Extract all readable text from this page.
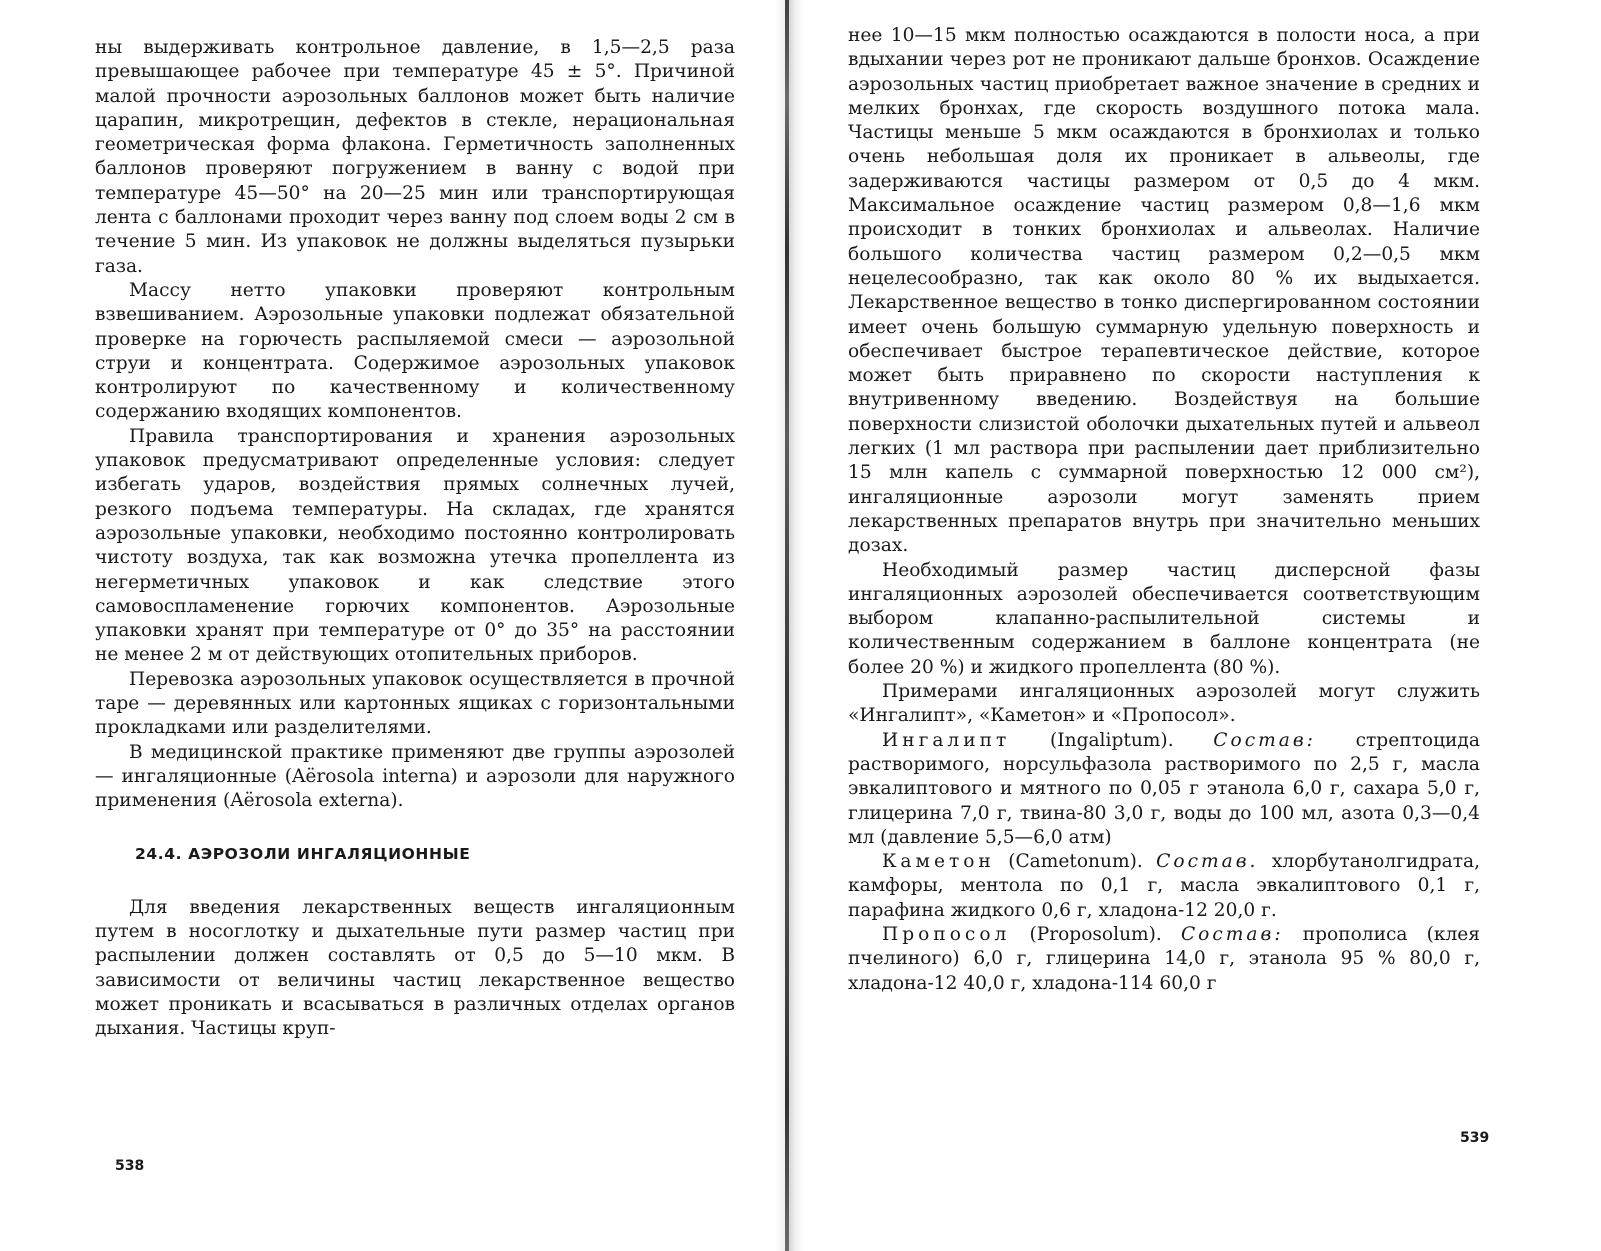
ны выдерживать контрольное давление, в 1,5—2,5 раза превышающее рабочее при температуре 45 ± 5°. Причиной малой прочности аэрозольных баллонов может быть наличие царапин, микротрещин, дефектов в стекле, нерациональная геометрическая форма флакона. Герметичность заполненных баллонов проверяют погружением в ванну с водой при температуре 45—50° на 20—25 мин или транспортирующая лента с баллонами проходит через ванну под слоем воды 2 см в течение 5 мин. Из упаковок не должны выделяться пузырьки газа.

Массу нетто упаковки проверяют контрольным взвешиванием. Аэрозольные упаковки подлежат обязательной проверке на горючесть распыляемой смеси — аэрозольной струи и концентрата. Содержимое аэрозольных упаковок контролируют по качественному и количественному содержанию входящих компонентов.

Правила транспортирования и хранения аэрозольных упаковок предусматривают определенные условия: следует избегать ударов, воздействия прямых солнечных лучей, резкого подъема температуры. На складах, где хранятся аэрозольные упаковки, необходимо постоянно контролировать чистоту воздуха, так как возможна утечка пропеллента из негерметичных упаковок и как следствие этого самовоспламенение горючих компонентов. Аэрозольные упаковки хранят при температуре от 0° до 35° на расстоянии не менее 2 м от действующих отопительных приборов.

Перевозка аэрозольных упаковок осуществляется в прочной таре — деревянных или картонных ящиках с горизонтальными прокладками или разделителями.

В медицинской практике применяют две группы аэрозолей — ингаляционные (Aërosola interna) и аэрозоли для наружного применения (Aërosola externa).

24.4. АЭРОЗОЛИ ИНГАЛЯЦИОННЫЕ

Для введения лекарственных веществ ингаляционным путем в носоглотку и дыхательные пути размер частиц при распылении должен составлять от 0,5 до 5—10 мкм. В зависимости от величины частиц лекарственное вещество может проникать и всасываться в различных отделах органов дыхания. Частицы круп-

538

нее 10—15 мкм полностью осаждаются в полости носа, а при вдыхании через рот не проникают дальше бронхов. Осаждение аэрозольных частиц приобретает важное значение в средних и мелких бронхах, где скорость воздушного потока мала. Частицы меньше 5 мкм осаждаются в бронхиолах и только очень небольшая доля их проникает в альвеолы, где задерживаются частицы размером от 0,5 до 4 мкм. Максимальное осаждение частиц размером 0,8—1,6 мкм происходит в тонких бронхиолах и альвеолах. Наличие большого количества частиц размером 0,2—0,5 мкм нецелесообразно, так как около 80 % их выдыхается. Лекарственное вещество в тонко диспергированном состоянии имеет очень большую суммарную удельную поверхность и обеспечивает быстрое терапевтическое действие, которое может быть приравнено по скорости наступления к внутривенному введению. Воздействуя на большие поверхности слизистой оболочки дыхательных путей и альвеол легких (1 мл раствора при распылении дает приблизительно 15 млн капель с суммарной поверхностью 12 000 см²), ингаляционные аэрозоли могут заменять прием лекарственных препаратов внутрь при значительно меньших дозах.

Необходимый размер частиц дисперсной фазы ингаляционных аэрозолей обеспечивается соответствующим выбором клапанно-распылительной системы и количественным содержанием в баллоне концентрата (не более 20 %) и жидкого пропеллента (80 %).

Примерами ингаляционных аэрозолей могут служить «Ингалипт», «Каметон» и «Пропосол».

Ингалипт (Ingaliptum). Состав: стрептоцида растворимого, норсульфазола растворимого по 2,5 г, масла эвкалиптового и мятного по 0,05 г этанола 6,0 г, сахара 5,0 г, глицерина 7,0 г, твина-80 3,0 г, воды до 100 мл, азота 0,3—0,4 мл (давление 5,5—6,0 атм)

Каметон (Cametonum). Состав. хлорбутанолгидрата, камфоры, ментола по 0,1 г, масла эвкалиптового 0,1 г, парафина жидкого 0,6 г, хладона-12 20,0 г.

Пропосол (Proposolum). Состав: прополиса (клея пчелиного) 6,0 г, глицерина 14,0 г, этанола 95 % 80,0 г, хладона-12 40,0 г, хладона-114 60,0 г

539
